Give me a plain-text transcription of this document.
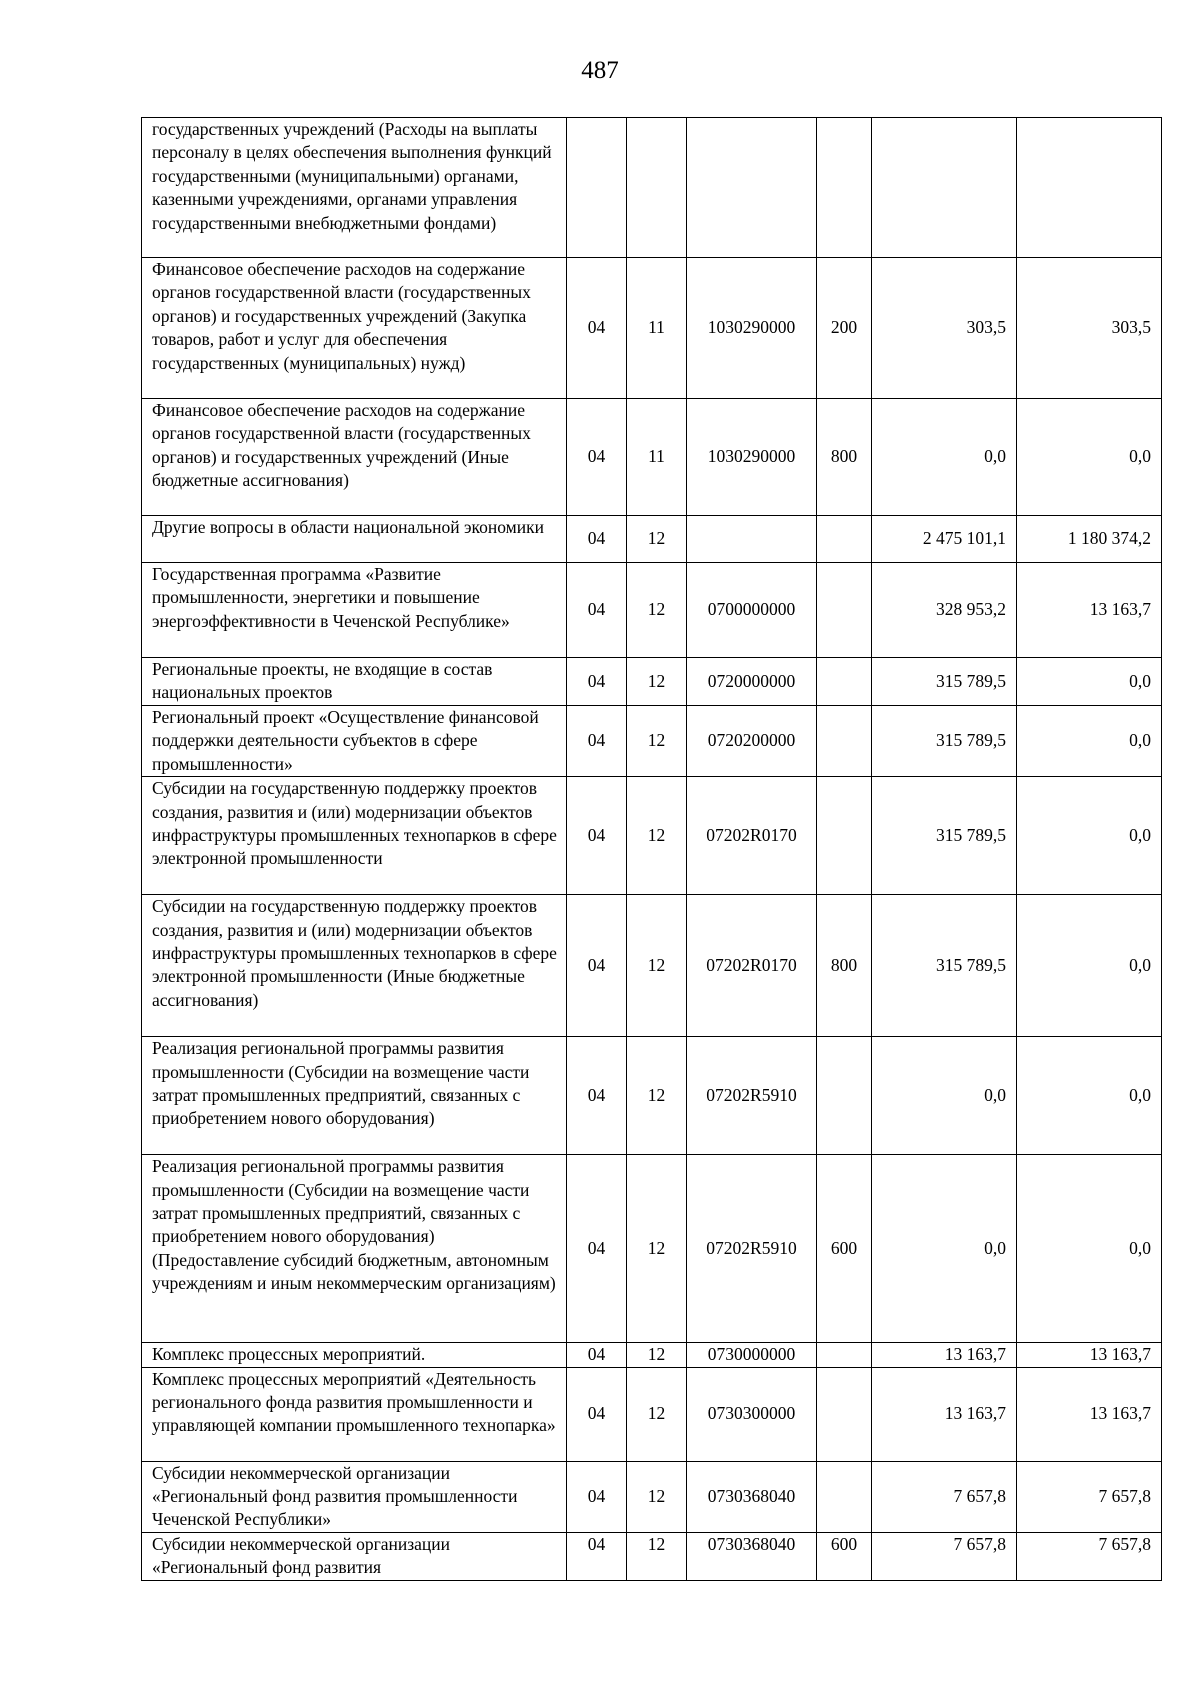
487
государственных учреждений (Расходы на выплаты персоналу в целях обеспечения выполнения функций государственными (муниципальными) органами, казенными учреждениями, органами управления государственными внебюджетными фондами)						
Финансовое обеспечение расходов на содержание органов государственной власти (государственных органов) и государственных учреждений (Закупка товаров, работ и услуг для обеспечения государственных (муниципальных) нужд)	04	11	1030290000	200	303,5	303,5
Финансовое обеспечение расходов на содержание органов государственной власти (государственных органов) и государственных учреждений (Иные бюджетные ассигнования)	04	11	1030290000	800	0,0	0,0
Другие вопросы в области национальной экономики	04	12			2 475 101,1	1 180 374,2
Государственная программа «Развитие промышленности, энергетики и повышение энергоэффективности в Чеченской Республике»	04	12	0700000000		328 953,2	13 163,7
Региональные проекты, не входящие в состав национальных проектов	04	12	0720000000		315 789,5	0,0
Региональный проект «Осуществление финансовой поддержки деятельности субъектов в сфере промышленности»	04	12	0720200000		315 789,5	0,0
Субсидии на государственную поддержку проектов создания, развития и (или) модернизации объектов инфраструктуры промышленных технопарков в сфере электронной промышленности	04	12	07202R0170		315 789,5	0,0
Субсидии на государственную поддержку проектов создания, развития и (или) модернизации объектов инфраструктуры промышленных технопарков в сфере электронной промышленности (Иные бюджетные ассигнования)	04	12	07202R0170	800	315 789,5	0,0
Реализация региональной программы развития промышленности (Субсидии на возмещение части затрат промышленных предприятий, связанных с приобретением нового оборудования)	04	12	07202R5910		0,0	0,0
Реализация региональной программы развития промышленности (Субсидии на возмещение части затрат промышленных предприятий, связанных с приобретением нового оборудования) (Предоставление субсидий бюджетным, автономным учреждениям и иным некоммерческим организациям)	04	12	07202R5910	600	0,0	0,0
Комплекс процессных мероприятий.	04	12	0730000000		13 163,7	13 163,7
Комплекс процессных мероприятий «Деятельность регионального фонда развития промышленности и управляющей компании промышленного технопарка»	04	12	0730300000		13 163,7	13 163,7
Субсидии некоммерческой организации «Региональный фонд развития промышленности Чеченской Республики»	04	12	0730368040		7 657,8	7 657,8
Субсидии некоммерческой организации «Региональный фонд развития	04	12	0730368040	600	7 657,8	7 657,8
